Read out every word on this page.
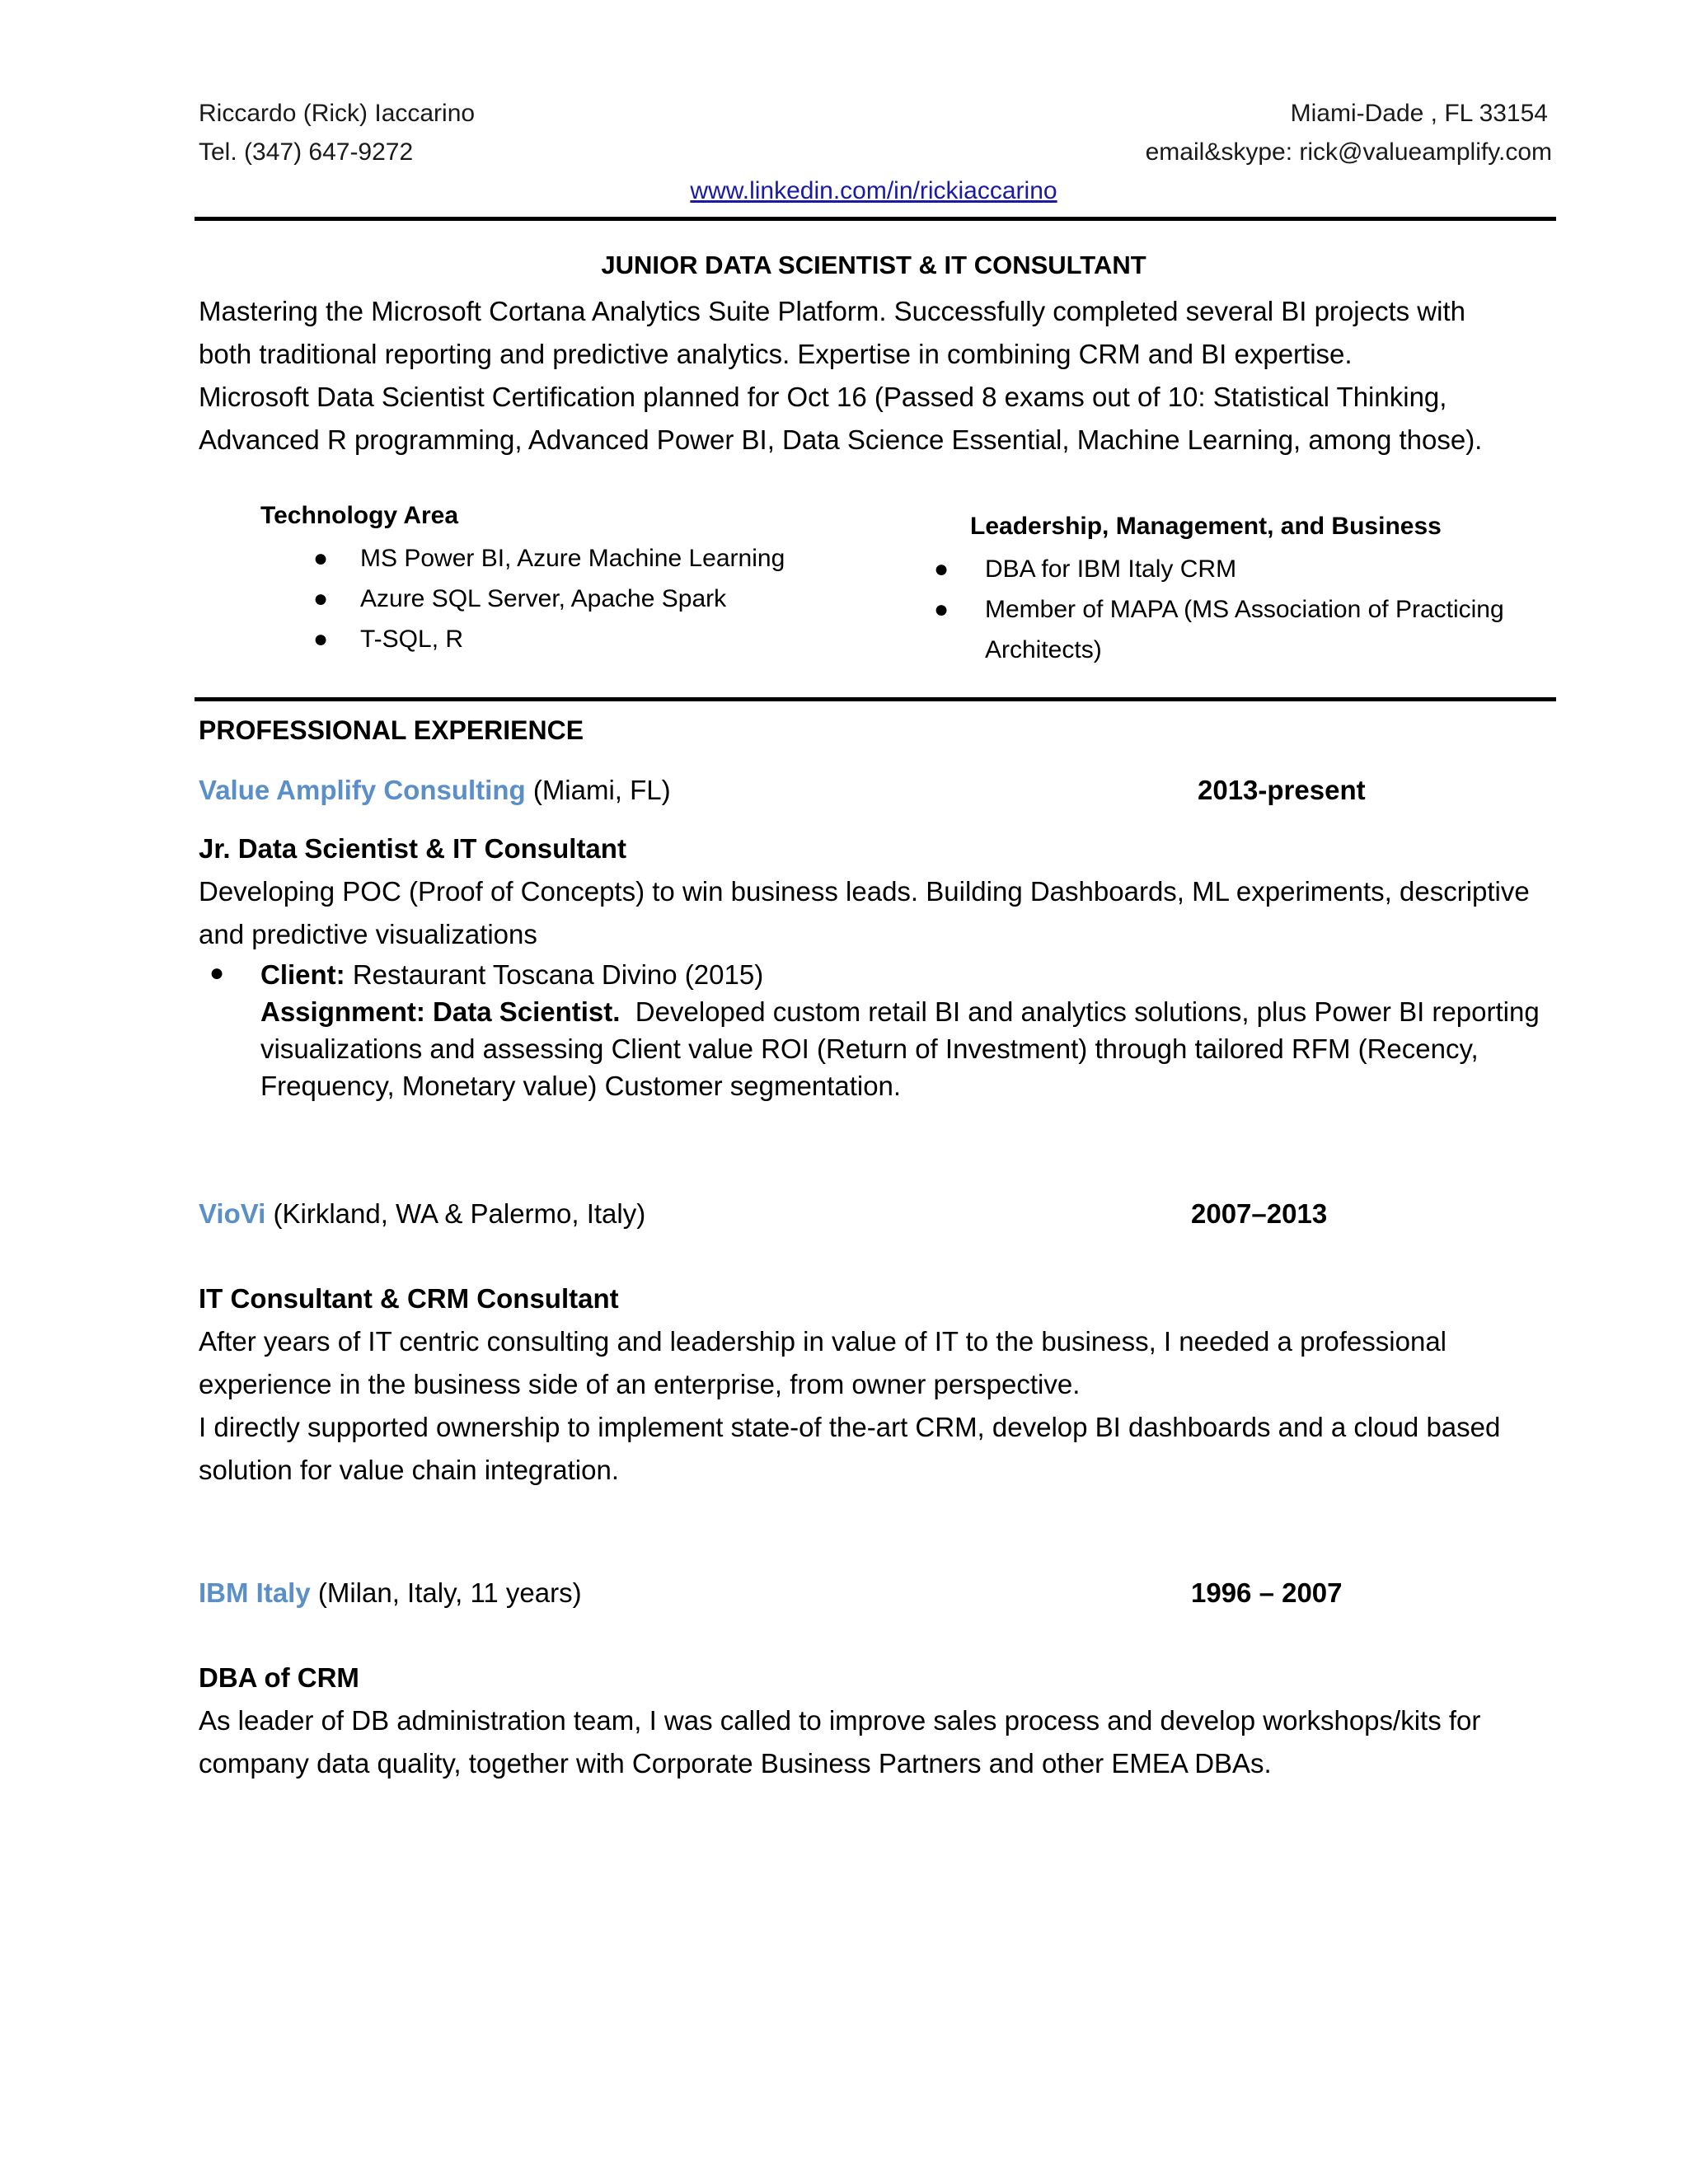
Riccardo (Rick) Iaccarino
Tel. (347) 647-9272
Miami-Dade , FL 33154
email&skype: rick@valueamplify.com
www.linkedin.com/in/rickiaccarino
JUNIOR DATA SCIENTIST & IT CONSULTANT
Mastering the Microsoft Cortana Analytics Suite Platform. Successfully completed several BI projects with
both traditional reporting and predictive analytics. Expertise in combining CRM and BI expertise.
Microsoft Data Scientist Certification planned for Oct 16 (Passed 8 exams out of 10: Statistical Thinking,
Advanced R programming, Advanced Power BI, Data Science Essential, Machine Learning, among those).
Technology Area
● MS Power BI, Azure Machine Learning
● Azure SQL Server, Apache Spark
● T-SQL, R
Leadership, Management, and Business
● DBA for IBM Italy CRM
● Member of MAPA (MS Association of Practicing
Architects)
PROFESSIONAL EXPERIENCE
Value Amplify Consulting (Miami, FL)	2013-present
Jr. Data Scientist & IT Consultant
Developing POC (Proof of Concepts) to win business leads. Building Dashboards, ML experiments, descriptive
and predictive visualizations
● Client: Restaurant Toscana Divino (2015)
Assignment: Data Scientist. Developed custom retail BI and analytics solutions, plus Power BI reporting
visualizations and assessing Client value ROI (Return of Investment) through tailored RFM (Recency,
Frequency, Monetary value) Customer segmentation.
VioVi (Kirkland, WA & Palermo, Italy)	2007–2013
IT Consultant & CRM Consultant
After years of IT centric consulting and leadership in value of IT to the business, I needed a professional
experience in the business side of an enterprise, from owner perspective.
I directly supported ownership to implement state-of the-art CRM, develop BI dashboards and a cloud based
solution for value chain integration.
IBM Italy (Milan, Italy, 11 years)	1996 – 2007
DBA of CRM
As leader of DB administration team, I was called to improve sales process and develop workshops/kits for
company data quality, together with Corporate Business Partners and other EMEA DBAs.
